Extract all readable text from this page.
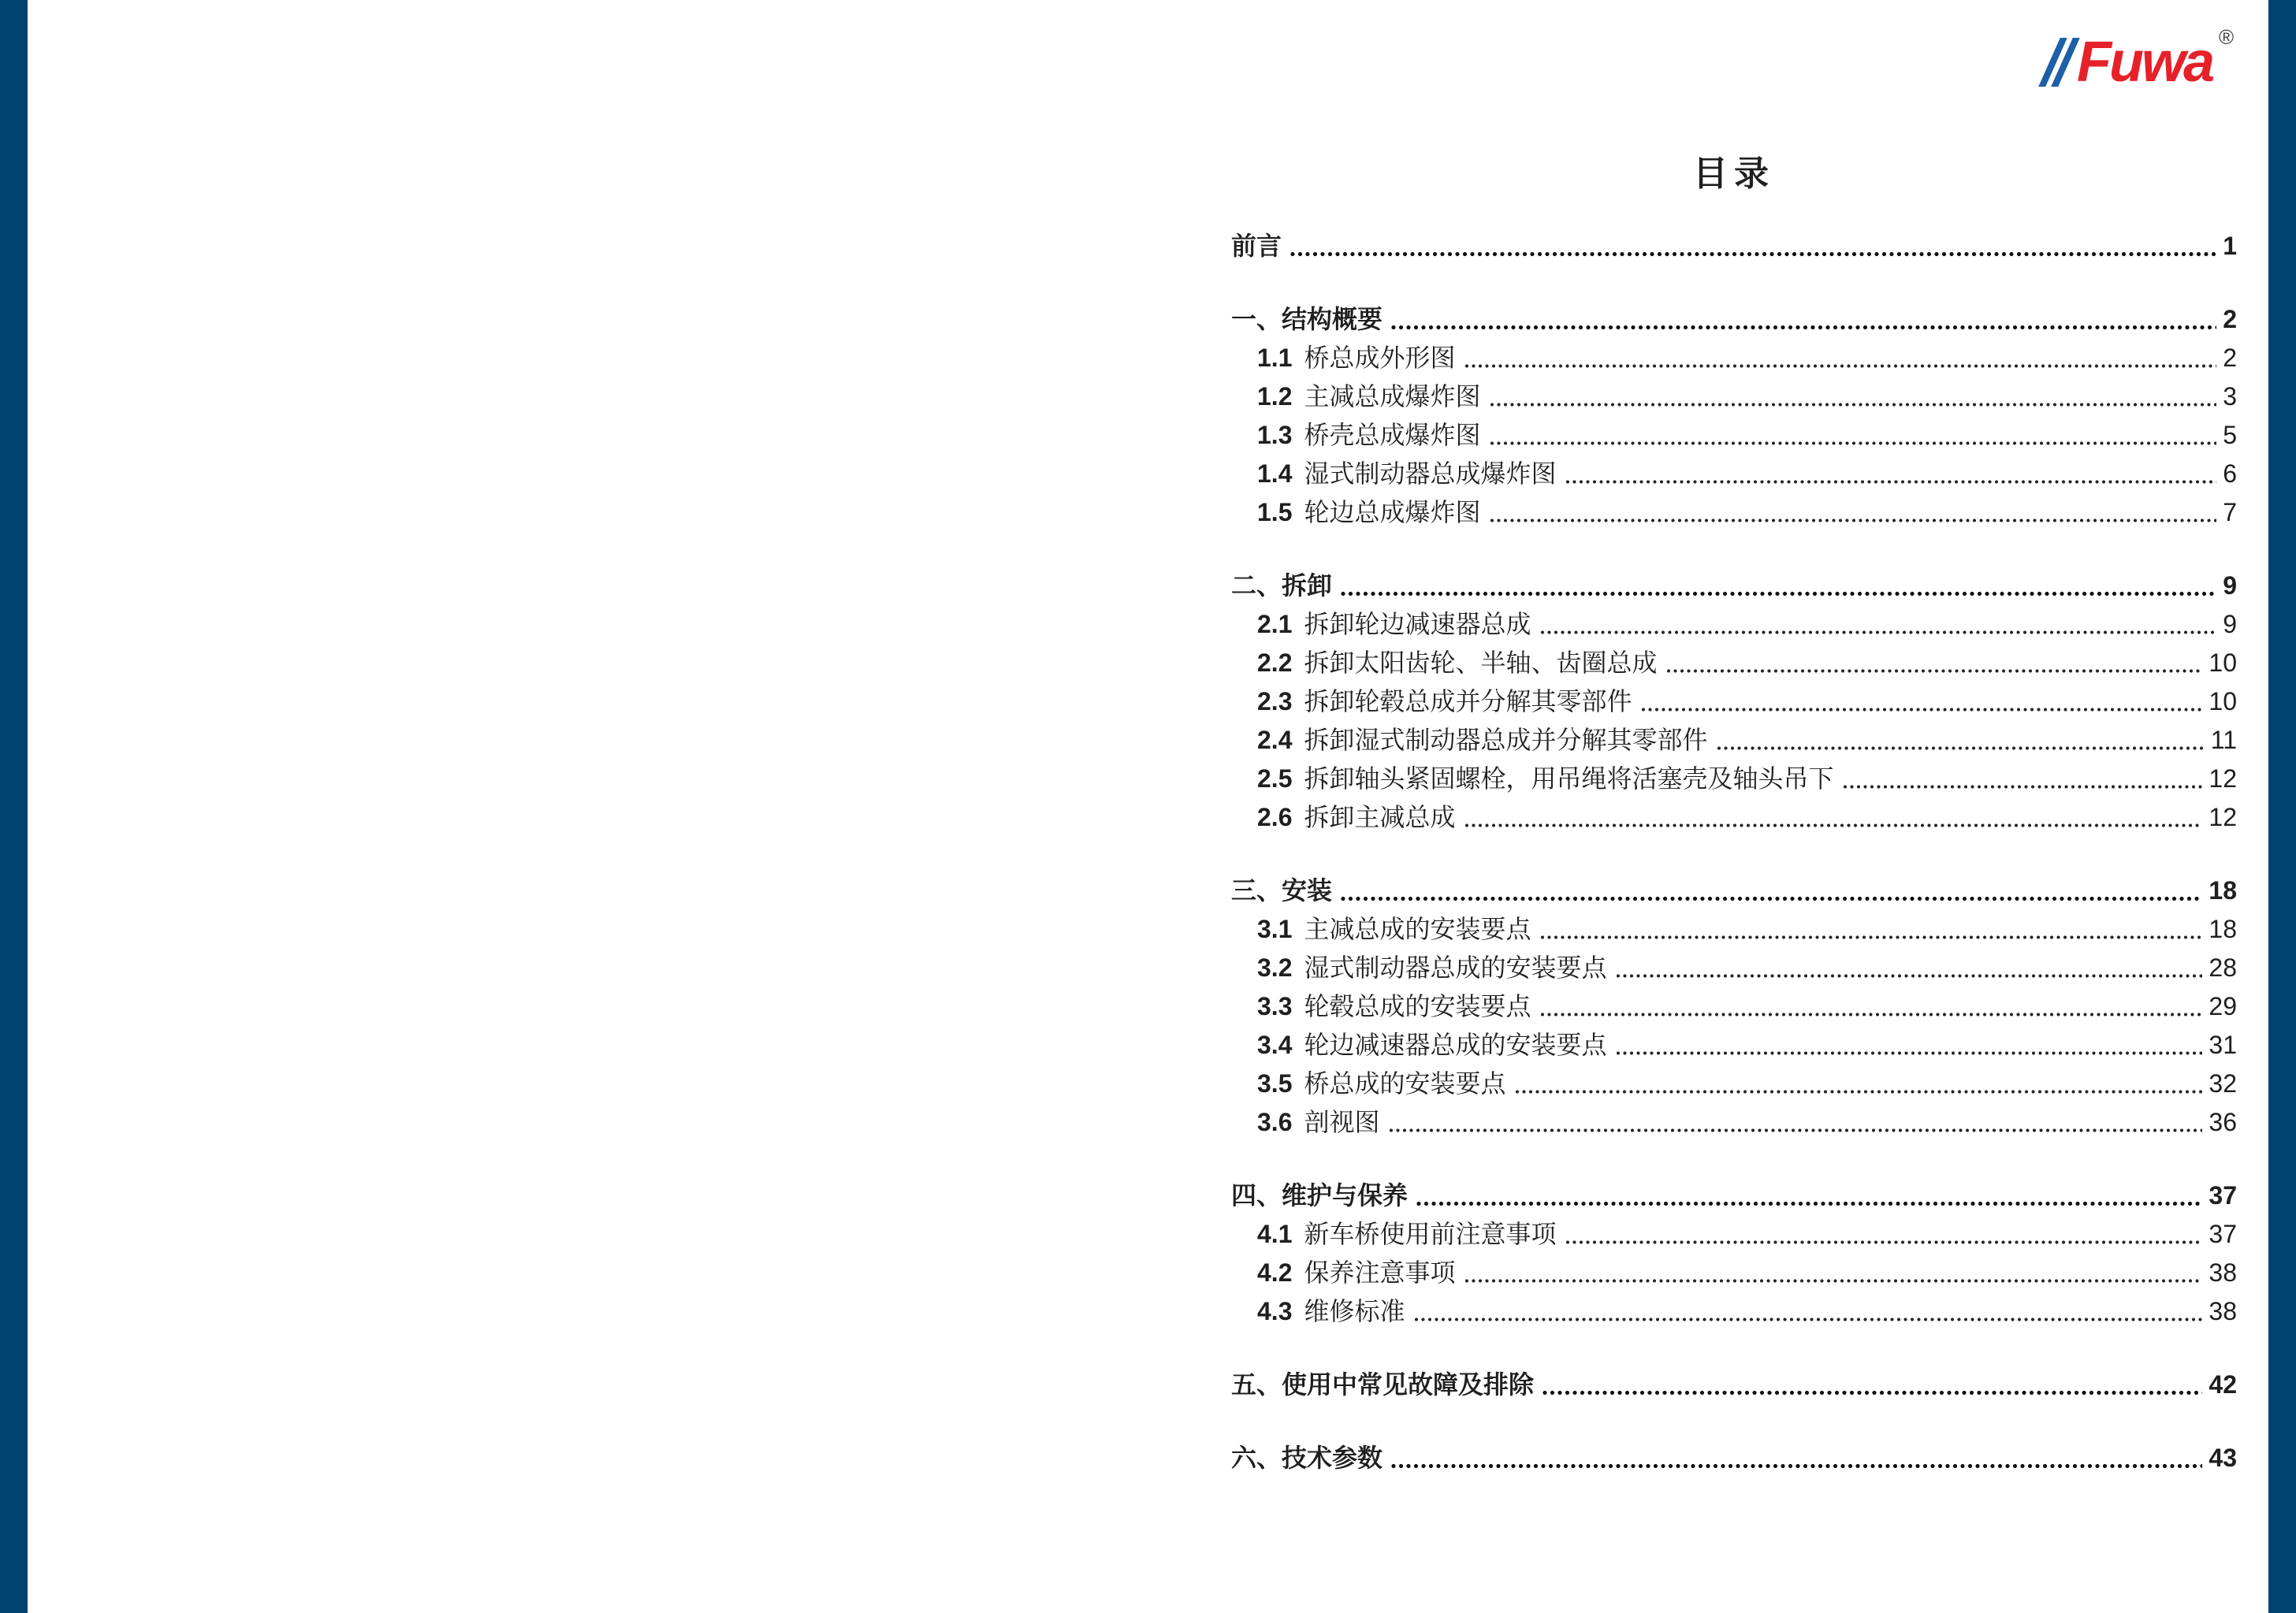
Fuwa ®
目录
前言	1
一、结构概要	2
1.1 桥总成外形图	2
1.2 主减总成爆炸图	3
1.3 桥壳总成爆炸图	5
1.4 湿式制动器总成爆炸图	6
1.5 轮边总成爆炸图	7
二、拆卸	9
2.1 拆卸轮边减速器总成	9
2.2 拆卸太阳齿轮、半轴、齿圈总成	10
2.3 拆卸轮毂总成并分解其零部件	10
2.4 拆卸湿式制动器总成并分解其零部件	11
2.5 拆卸轴头紧固螺栓，用吊绳将活塞壳及轴头吊下	12
2.6 拆卸主减总成	12
三、安装	18
3.1 主减总成的安装要点	18
3.2 湿式制动器总成的安装要点	28
3.3 轮毂总成的安装要点	29
3.4 轮边减速器总成的安装要点	31
3.5 桥总成的安装要点	32
3.6 剖视图	36
四、维护与保养	37
4.1 新车桥使用前注意事项	37
4.2 保养注意事项	38
4.3 维修标准	38
五、使用中常见故障及排除	42
六、技术参数	43
